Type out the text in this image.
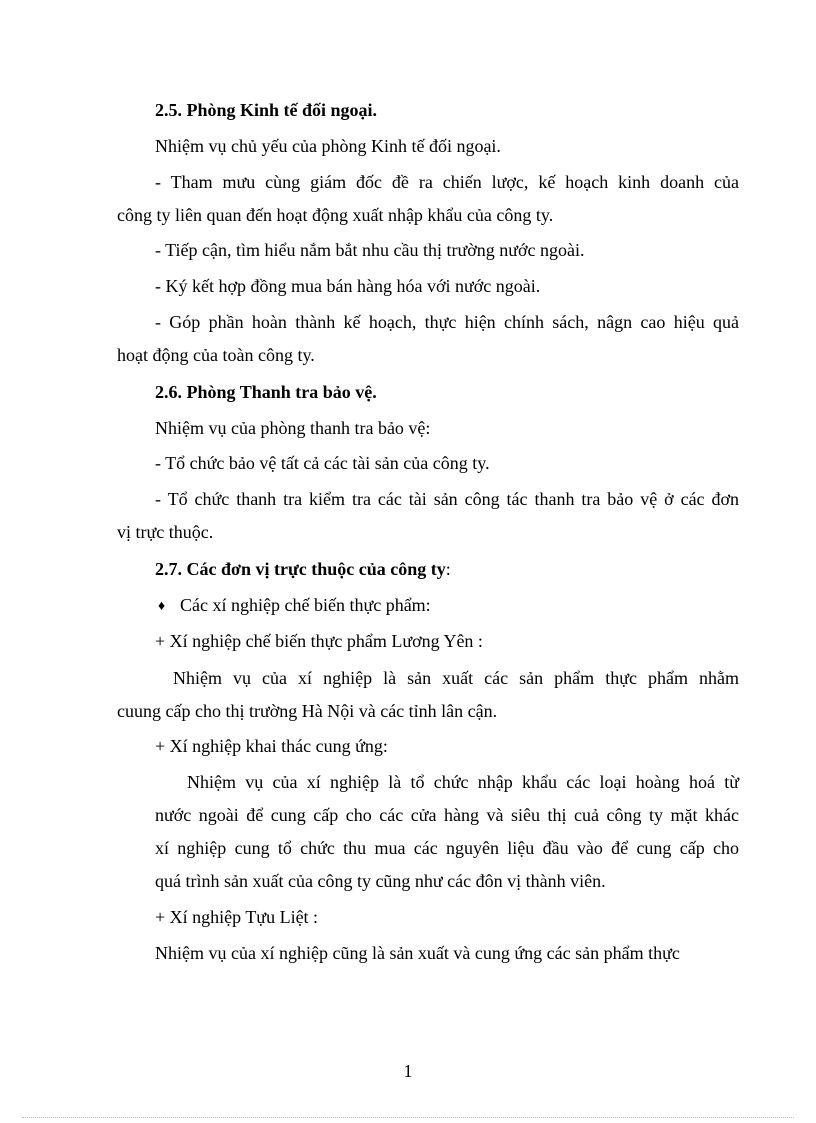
2.5. Phòng Kinh tế đối ngoại.
Nhiệm vụ chủ yếu của phòng Kinh tế đối ngoại.
- Tham mưu cùng giám đốc đề ra chiến lược, kế hoạch kinh doanh của
công ty liên quan đến hoạt động xuất nhập khẩu của công ty.
- Tiếp cận, tìm hiểu nắm bắt nhu cầu thị trường nước ngoài.
- Ký kết hợp đồng mua bán hàng hóa với nước ngoài.
- Góp phần hoàn thành kế hoạch, thực hiện chính sách, nâgn cao hiệu quả
hoạt động của toàn công ty.
2.6. Phòng Thanh tra bảo vệ.
Nhiệm vụ của phòng thanh tra bảo vệ:
- Tổ chức bảo vệ tất cả các tài sản của công ty.
- Tổ chức thanh tra kiểm tra các tài sản công tác thanh tra bảo vệ ở các đơn
vị trực thuộc.
2.7. Các đơn vị trực thuộc của công ty:
♦ Các xí nghiệp chế biến thực phẩm:
+ Xí nghiệp chế biến thực phẩm Lương Yên :
Nhiệm vụ của xí nghiệp là sản xuất các sản phẩm thực phẩm nhằm
cuung cấp cho thị trường Hà Nội và các tỉnh lân cận.
+ Xí nghiệp khai thác cung ứng:
Nhiệm vụ của xí nghiệp là tổ chức nhập khẩu các loại hoàng hoá từ
nước ngoài để cung cấp cho các cửa hàng và siêu thị cuả công ty mặt khác
xí nghiệp cung tổ chức thu mua các nguyên liệu đầu vào để cung cấp cho
quá trình sản xuất của công ty cũng như các đôn vị thành viên.
+ Xí nghiệp Tựu Liệt :
Nhiệm vụ của xí nghiệp cũng là sản xuất và cung ứng các sản phẩm thực
1
